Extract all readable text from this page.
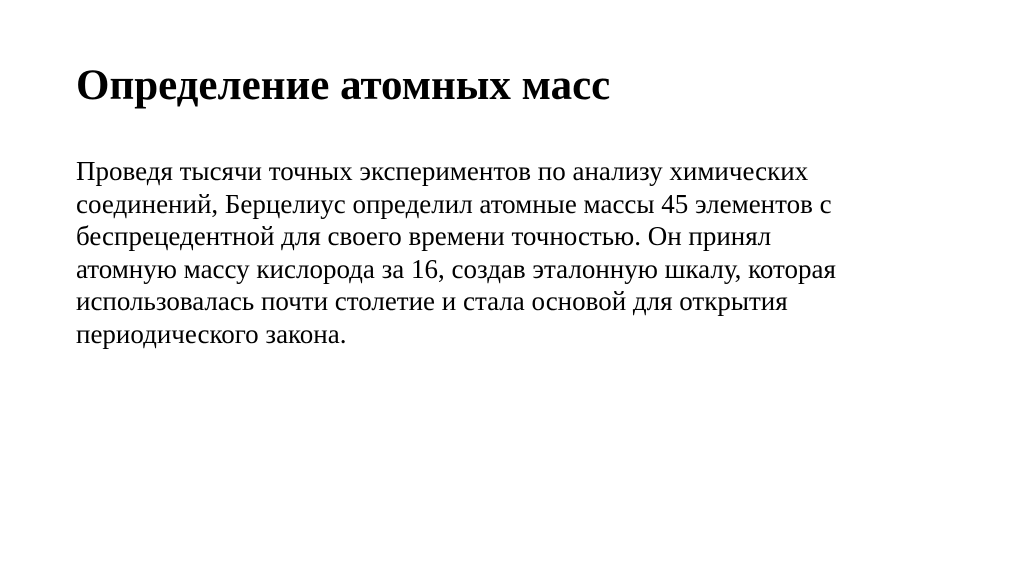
Определение атомных масс

Проведя тысячи точных экспериментов по анализу химических
соединений, Берцелиус определил атомные массы 45 элементов с
беспрецедентной для своего времени точностью. Он принял
атомную массу кислорода за 16, создав эталонную шкалу, которая
использовалась почти столетие и стала основой для открытия
периодического закона.
